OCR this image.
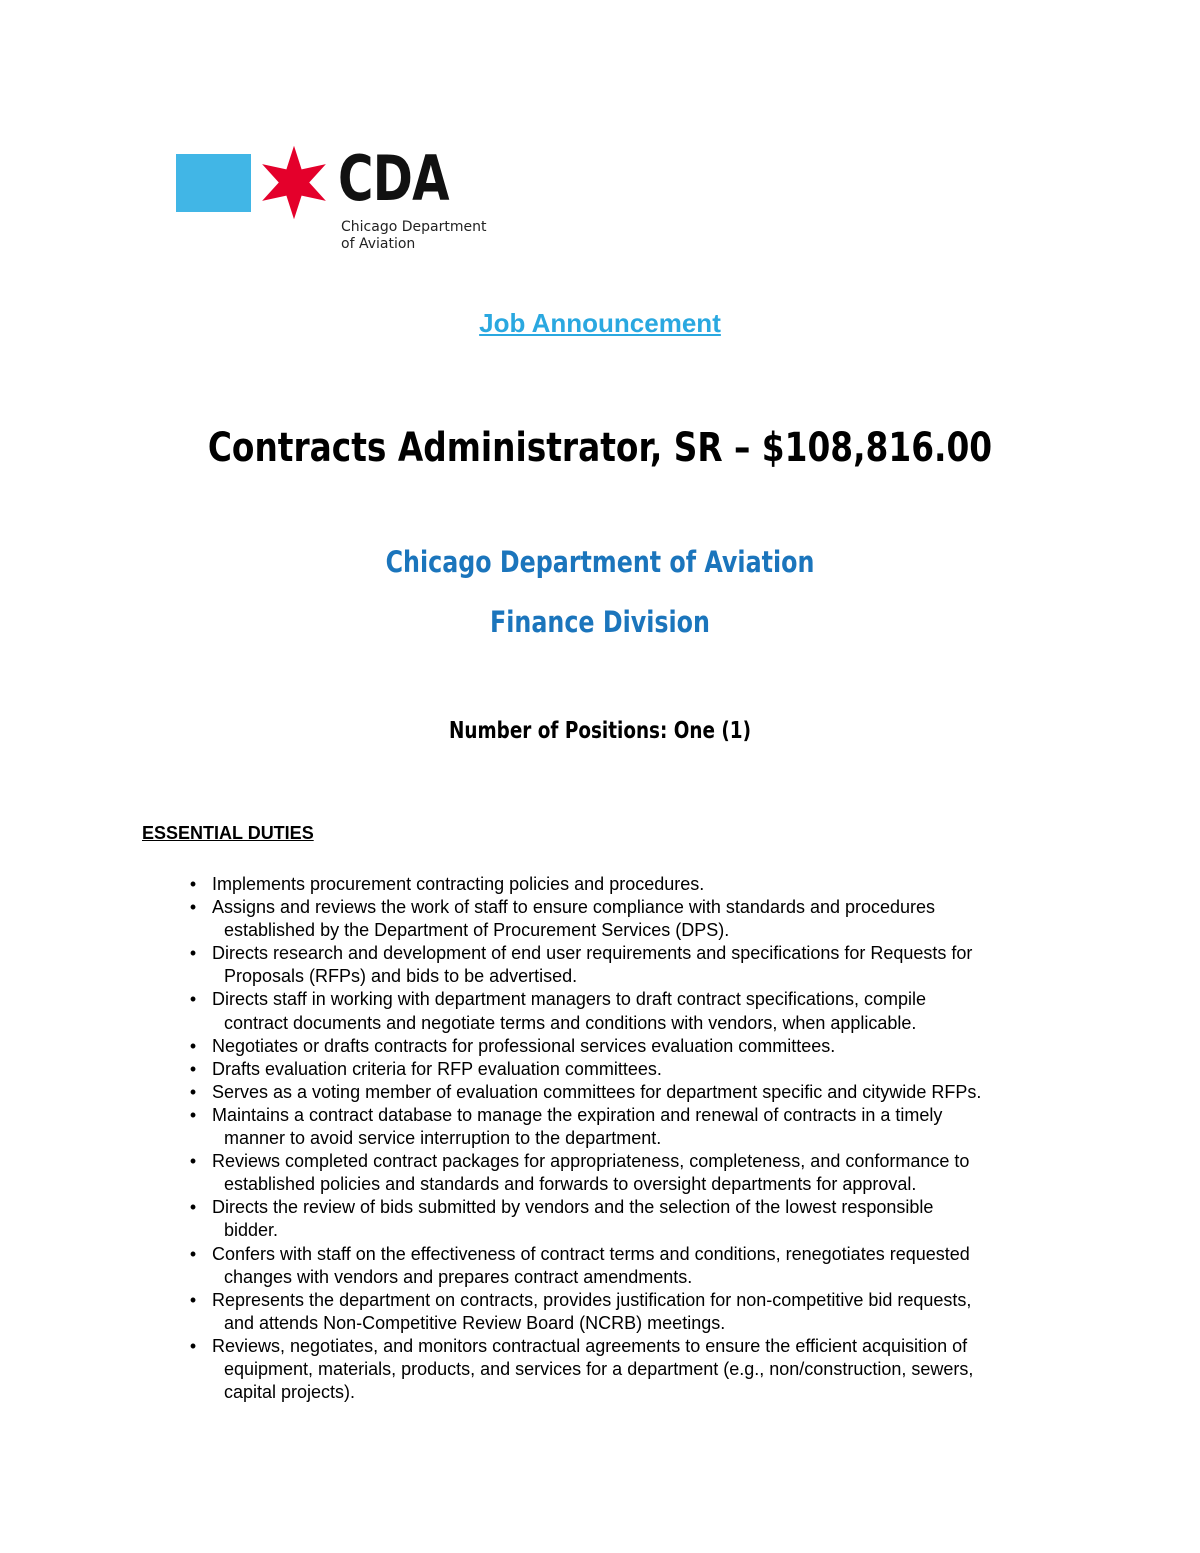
CDA
Chicago Department
of Aviation
Job Announcement
Contracts Administrator, SR – $108,816.00
Chicago Department of Aviation
Finance Division
Number of Positions: One (1)
ESSENTIAL DUTIES
• Implements procurement contracting policies and procedures.
• Assigns and reviews the work of staff to ensure compliance with standards and procedures
established by the Department of Procurement Services (DPS).
• Directs research and development of end user requirements and specifications for Requests for
Proposals (RFPs) and bids to be advertised.
• Directs staff in working with department managers to draft contract specifications, compile
contract documents and negotiate terms and conditions with vendors, when applicable.
• Negotiates or drafts contracts for professional services evaluation committees.
• Drafts evaluation criteria for RFP evaluation committees.
• Serves as a voting member of evaluation committees for department specific and citywide RFPs.
• Maintains a contract database to manage the expiration and renewal of contracts in a timely
manner to avoid service interruption to the department.
• Reviews completed contract packages for appropriateness, completeness, and conformance to
established policies and standards and forwards to oversight departments for approval.
• Directs the review of bids submitted by vendors and the selection of the lowest responsible
bidder.
• Confers with staff on the effectiveness of contract terms and conditions, renegotiates requested
changes with vendors and prepares contract amendments.
• Represents the department on contracts, provides justification for non-competitive bid requests,
and attends Non-Competitive Review Board (NCRB) meetings.
• Reviews, negotiates, and monitors contractual agreements to ensure the efficient acquisition of
equipment, materials, products, and services for a department (e.g., non/construction, sewers,
capital projects).
